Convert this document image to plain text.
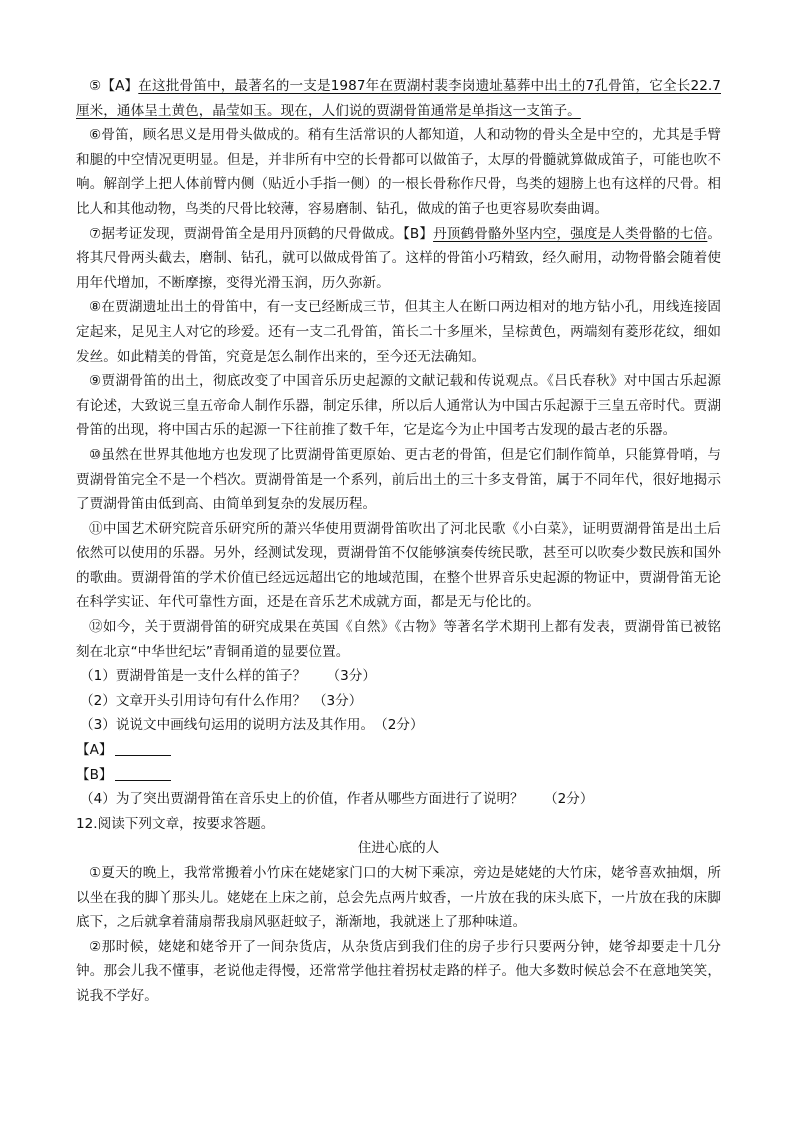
⑤【A】在这批骨笛中，最著名的一支是1987年在贾湖村裴李岗遗址墓葬中出土的7孔骨笛，它全长22.7厘米，通体呈土黄色，晶莹如玉。现在，人们说的贾湖骨笛通常是单指这一支笛子。

⑥骨笛，顾名思义是用骨头做成的。稍有生活常识的人都知道，人和动物的骨头全是中空的，尤其是手臂和腿的中空情况更明显。但是，并非所有中空的长骨都可以做笛子，太厚的骨髓就算做成笛子，可能也吹不响。解剖学上把人体前臂内侧（贴近小手指一侧）的一根长骨称作尺骨，鸟类的翅膀上也有这样的尺骨。相比人和其他动物，鸟类的尺骨比较薄，容易磨制、钻孔，做成的笛子也更容易吹奏曲调。

⑦据考证发现，贾湖骨笛全是用丹顶鹤的尺骨做成。【B】丹顶鹤骨骼外坚内空，强度是人类骨骼的七倍。将其尺骨两头截去，磨制、钻孔，就可以做成骨笛了。这样的骨笛小巧精致，经久耐用，动物骨骼会随着使用年代增加，不断摩擦，变得光滑玉润，历久弥新。

⑧在贾湖遗址出土的骨笛中，有一支已经断成三节，但其主人在断口两边相对的地方钻小孔，用线连接固定起来，足见主人对它的珍爱。还有一支二孔骨笛，笛长二十多厘米，呈棕黄色，两端刻有菱形花纹，细如发丝。如此精美的骨笛，究竟是怎么制作出来的，至今还无法确知。

⑨贾湖骨笛的出土，彻底改变了中国音乐历史起源的文献记载和传说观点。《吕氏春秋》对中国古乐起源有论述，大致说三皇五帝命人制作乐器，制定乐律，所以后人通常认为中国古乐起源于三皇五帝时代。贾湖骨笛的出现，将中国古乐的起源一下往前推了数千年，它是迄今为止中国考古发现的最古老的乐器。

⑩虽然在世界其他地方也发现了比贾湖骨笛更原始、更古老的骨笛，但是它们制作简单，只能算骨哨，与贾湖骨笛完全不是一个档次。贾湖骨笛是一个系列，前后出土的三十多支骨笛，属于不同年代，很好地揭示了贾湖骨笛由低到高、由简单到复杂的发展历程。

⑪中国艺术研究院音乐研究所的萧兴华使用贾湖骨笛吹出了河北民歌《小白菜》，证明贾湖骨笛是出土后依然可以使用的乐器。另外，经测试发现，贾湖骨笛不仅能够演奏传统民歌，甚至可以吹奏少数民族和国外的歌曲。贾湖骨笛的学术价值已经远远超出它的地域范围，在整个世界音乐史起源的物证中，贾湖骨笛无论在科学实证、年代可靠性方面，还是在音乐艺术成就方面，都是无与伦比的。

⑫如今，关于贾湖骨笛的研究成果在英国《自然》《古物》等著名学术期刊上都有发表，贾湖骨笛已被铭刻在北京“中华世纪坛”青铜甬道的显要位置。

（1）贾湖骨笛是一支什么样的笛子？　　（3分）

（2）文章开头引用诗句有什么作用？　（3分）

（3）说说文中画线句运用的说明方法及其作用。　（2分）

【A】

【B】

（4）为了突出贾湖骨笛在音乐史上的价值，作者从哪些方面进行了说明？　　（2分）

12.阅读下列文章，按要求答题。

住进心底的人

①夏天的晚上，我常常搬着小竹床在姥姥家门口的大树下乘凉，旁边是姥姥的大竹床，姥爷喜欢抽烟，所以坐在我的脚丫那头儿。姥姥在上床之前，总会先点两片蚊香，一片放在我的床头底下，一片放在我的床脚底下，之后就拿着蒲扇帮我扇风驱赶蚊子，渐渐地，我就迷上了那种味道。

②那时候，姥姥和姥爷开了一间杂货店，从杂货店到我们住的房子步行只要两分钟，姥爷却要走十几分钟。那会儿我不懂事，老说他走得慢，还常常学他拄着拐杖走路的样子。他大多数时候总会不在意地笑笑，说我不学好。
